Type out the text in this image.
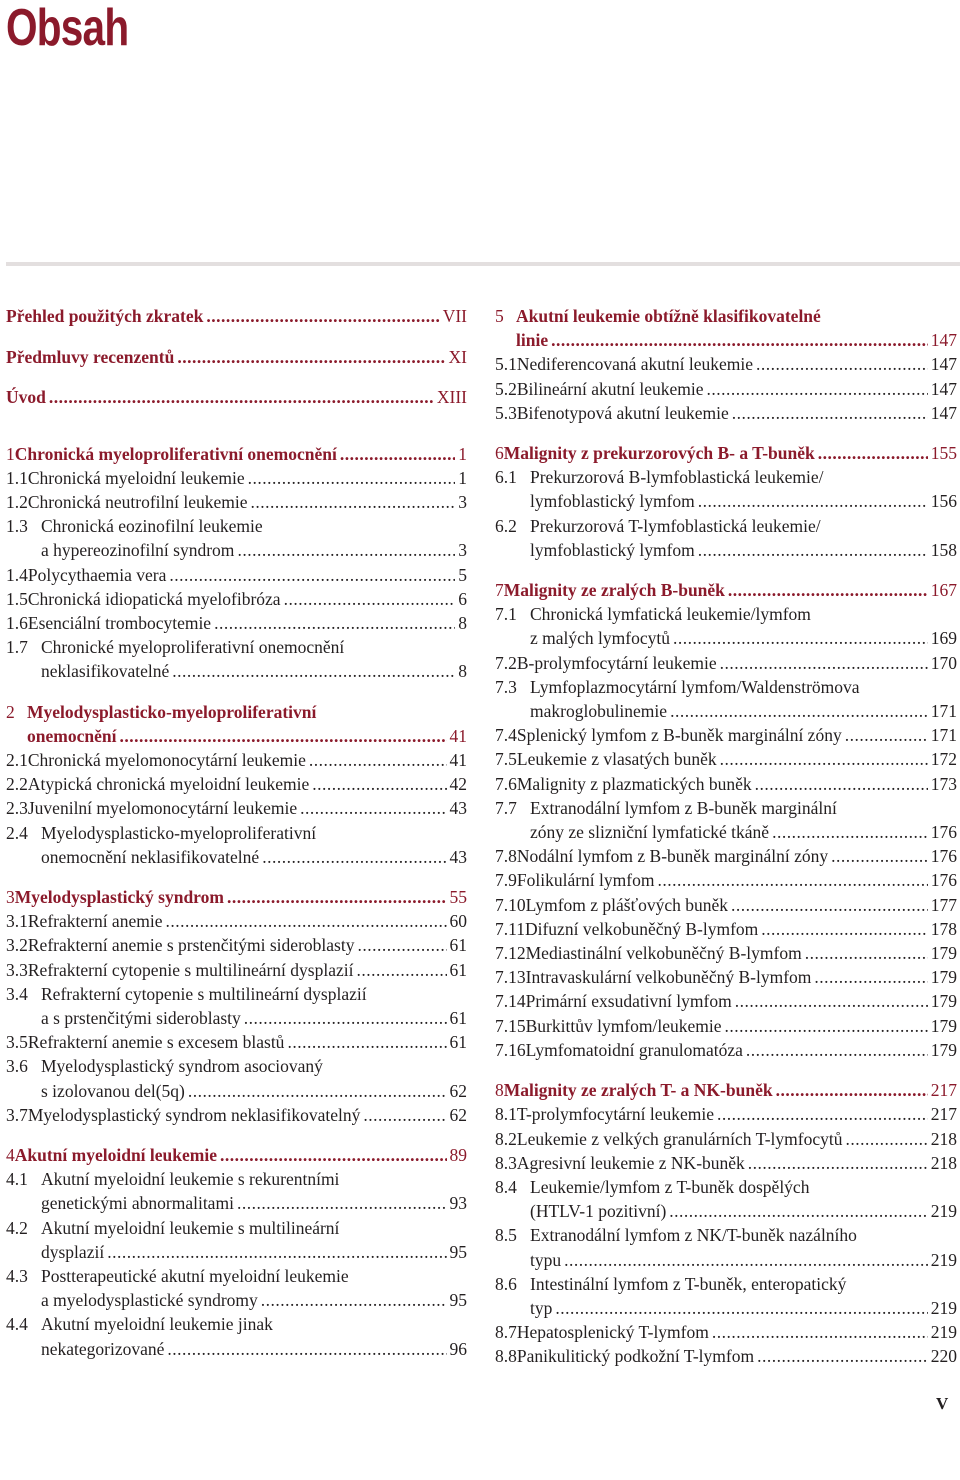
Obsah
Přehled použitých zkratek .....	VII
Předmluvy recenzentů .....	XI
Úvod .....	XIII
1 Chronická myeloproliferativní onemocnění .....	1
1.1 Chronická myeloidní leukemie .....	1
1.2 Chronická neutrofilní leukemie .....	3
1.3 Chronická eozinofilní leukemie
a hypereozinofilní syndrom .....	3
1.4 Polycythaemia vera .....	5
1.5 Chronická idiopatická myelofibróza .....	6
1.6 Esenciální trombocytemie .....	8
1.7 Chronické myeloproliferativní onemocnění
neklasifikovatelné .....	8
2 Myelodysplasticko-myeloproliferativní
onemocnění .....	41
2.1 Chronická myelomonocytární leukemie .....	41
2.2 Atypická chronická myeloidní leukemie .....	42
2.3 Juvenilní myelomonocytární leukemie .....	43
2.4 Myelodysplasticko-myeloproliferativní
onemocnění neklasifikovatelné .....	43
3 Myelodysplastický syndrom .....	55
3.1 Refrakterní anemie .....	60
3.2 Refrakterní anemie s prstenčitými sideroblasty .....	61
3.3 Refrakterní cytopenie s multilineární dysplazií .....	61
3.4 Refrakterní cytopenie s multilineární dysplazií
a s prstenčitými sideroblasty .....	61
3.5 Refrakterní anemie s excesem blastů .....	61
3.6 Myelodysplastický syndrom asociovaný
s izolovanou del(5q) .....	62
3.7 Myelodysplastický syndrom neklasifikovatelný .....	62
4 Akutní myeloidní leukemie .....	89
4.1 Akutní myeloidní leukemie s rekurentními
genetickými abnormalitami .....	93
4.2 Akutní myeloidní leukemie s multilineární
dysplazií .....	95
4.3 Postterapeutické akutní myeloidní leukemie
a myelodysplastické syndromy .....	95
4.4 Akutní myeloidní leukemie jinak
nekategorizované .....	96
5 Akutní leukemie obtížně klasifikovatelné
linie .....	147
5.1 Nediferencovaná akutní leukemie .....	147
5.2 Bilineární akutní leukemie .....	147
5.3 Bifenotypová akutní leukemie .....	147
6 Malignity z prekurzorových B- a T-buněk .....	155
6.1 Prekurzorová B-lymfoblastická leukemie/
lymfoblastický lymfom .....	156
6.2 Prekurzorová T-lymfoblastická leukemie/
lymfoblastický lymfom .....	158
7 Malignity ze zralých B-buněk .....	167
7.1 Chronická lymfatická leukemie/lymfom
z malých lymfocytů .....	169
7.2 B-prolymfocytární leukemie .....	170
7.3 Lymfoplazmocytární lymfom/Waldenströmova
makroglobulinemie .....	171
7.4 Splenický lymfom z B-buněk marginální zóny .....	171
7.5 Leukemie z vlasatých buněk .....	172
7.6 Malignity z plazmatických buněk .....	173
7.7 Extranodální lymfom z B-buněk marginální
zóny ze slizniční lymfatické tkáně .....	176
7.8 Nodální lymfom z B-buněk marginální zóny .....	176
7.9 Folikulární lymfom .....	176
7.10 Lymfom z plášťových buněk .....	177
7.11 Difuzní velkobuněčný B-lymfom .....	178
7.12 Mediastinální velkobuněčný B-lymfom .....	179
7.13 Intravaskulární velkobuněčný B-lymfom .....	179
7.14 Primární exsudativní lymfom .....	179
7.15 Burkittův lymfom/leukemie .....	179
7.16 Lymfomatoidní granulomatóza .....	179
8 Malignity ze zralých T- a NK-buněk .....	217
8.1 T-prolymfocytární leukemie .....	217
8.2 Leukemie z velkých granulárních T-lymfocytů .....	218
8.3 Agresivní leukemie z NK-buněk .....	218
8.4 Leukemie/lymfom z T-buněk dospělých
(HTLV-1 pozitivní) .....	219
8.5 Extranodální lymfom z NK/T-buněk nazálního
typu .....	219
8.6 Intestinální lymfom z T-buněk, enteropatický
typ .....	219
8.7 Hepatosplenický T-lymfom .....	219
8.8 Panikulitický podkožní T-lymfom .....	220
V
